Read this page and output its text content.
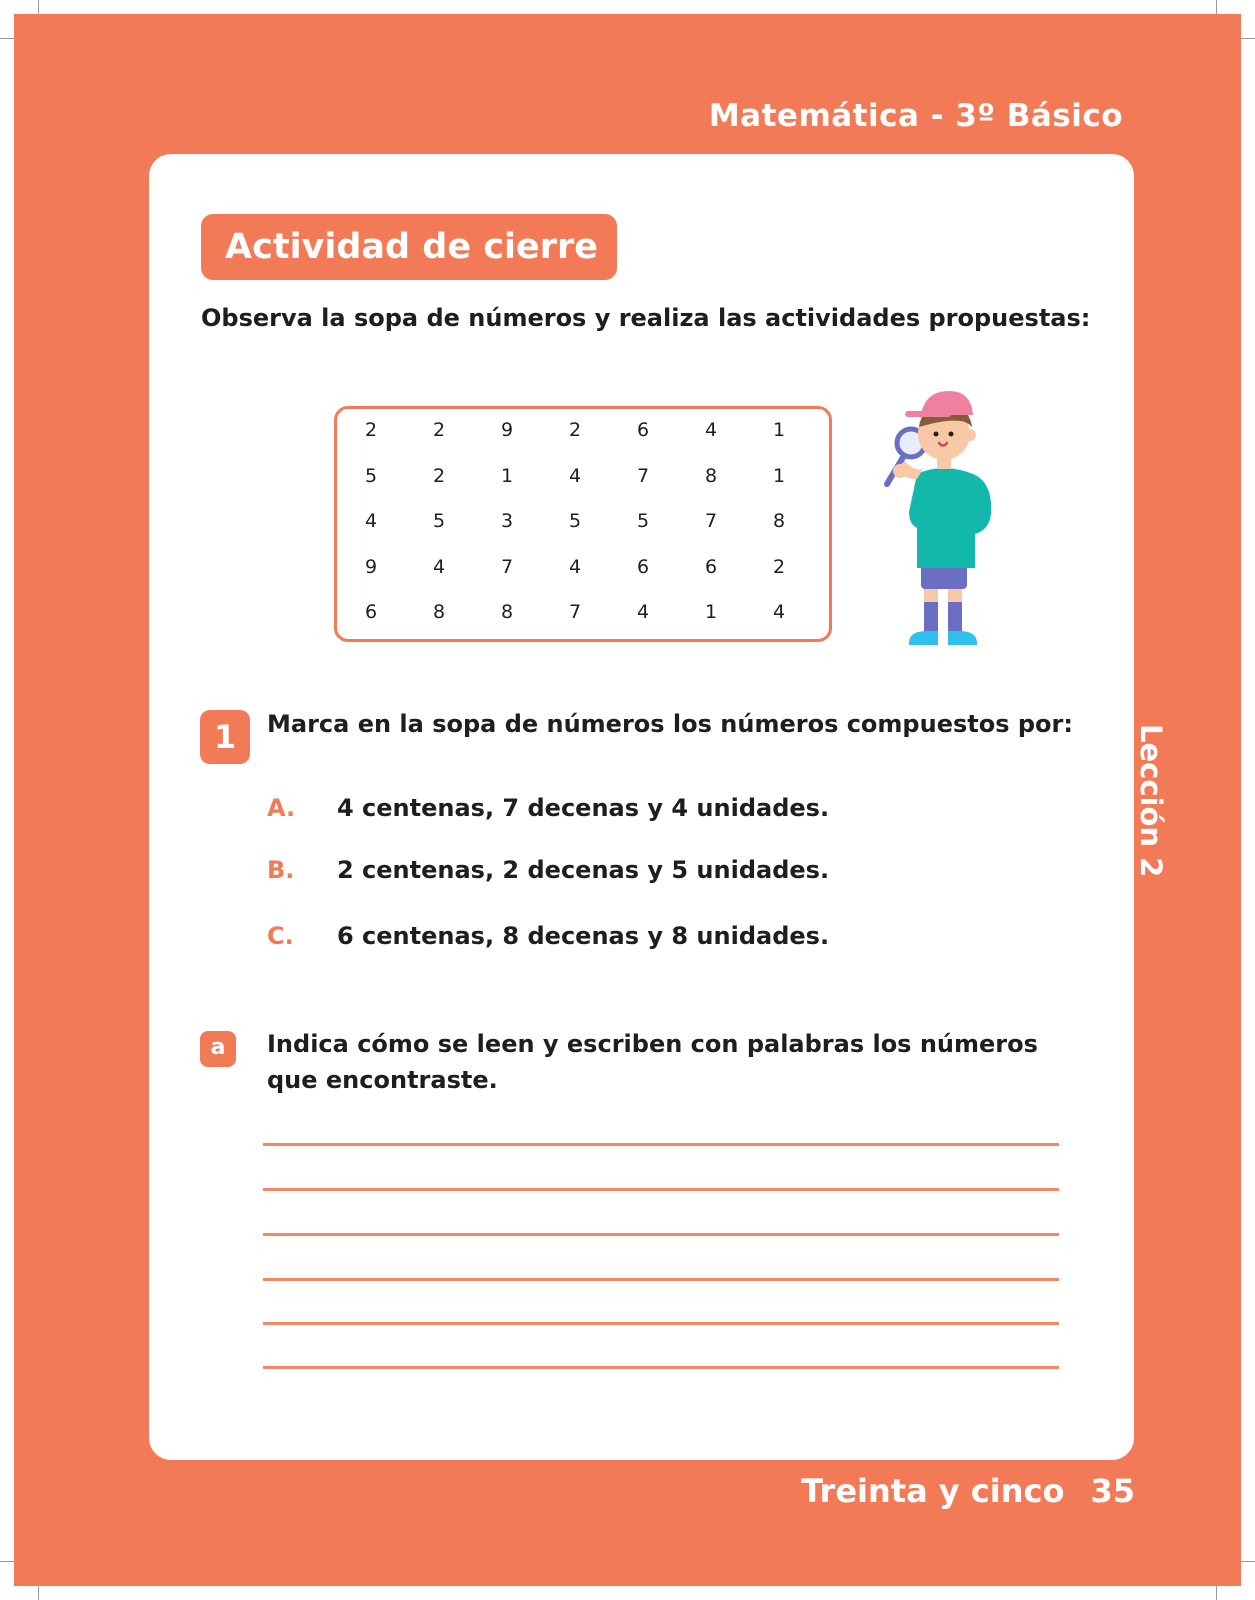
Matemática - 3º Básico
Lección 2
Treinta y cinco 35
Actividad de cierre
Observa la sopa de números y realiza las actividades propuestas:
2	2	9	2	6	4	1
5	2	1	4	7	8	1
4	5	3	5	5	7	8
9	4	7	4	6	6	2
6	8	8	7	4	1	4
1	Marca en la sopa de números los números compuestos por:
A. 4 centenas, 7 decenas y 4 unidades.
B. 2 centenas, 2 decenas y 5 unidades.
C. 6 centenas, 8 decenas y 8 unidades.
a	Indica cómo se leen y escriben con palabras los números
que encontraste.
